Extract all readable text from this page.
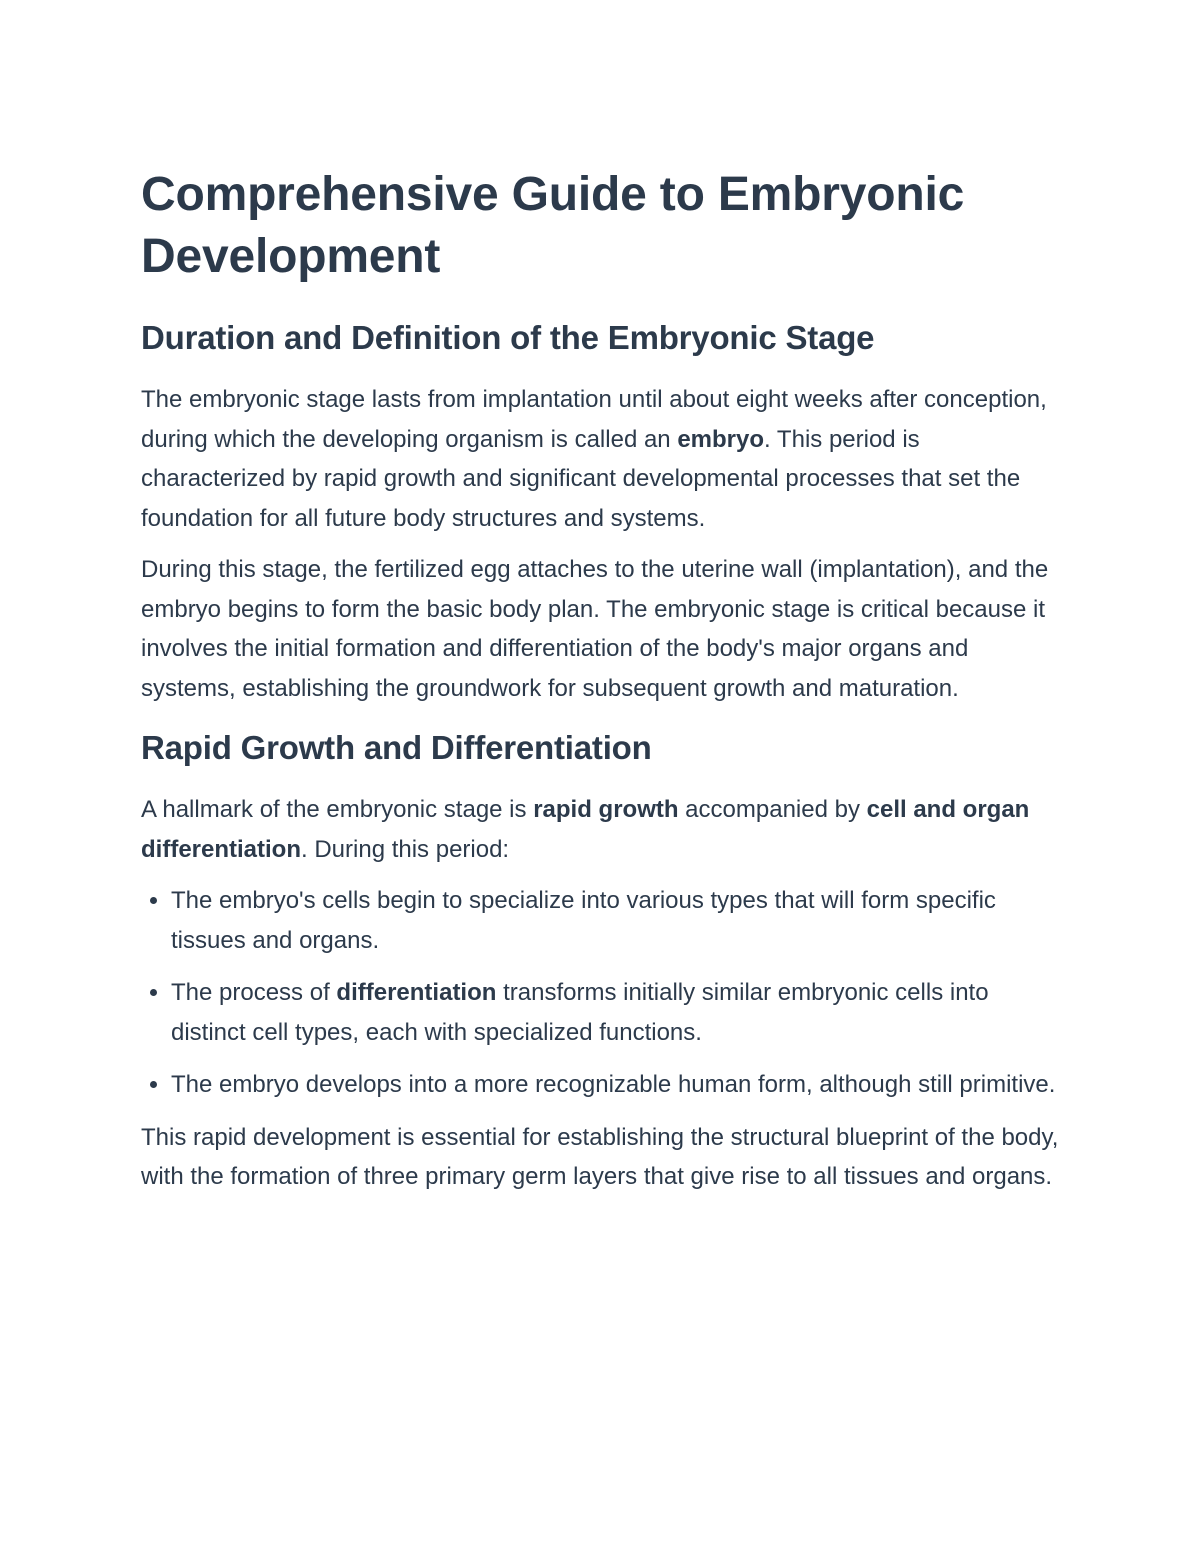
Comprehensive Guide to Embryonic Development
Duration and Definition of the Embryonic Stage

The embryonic stage lasts from implantation until about eight weeks after conception, during which the developing organism is called an embryo. This period is characterized by rapid growth and significant developmental processes that set the foundation for all future body structures and systems.

During this stage, the fertilized egg attaches to the uterine wall (implantation), and the embryo begins to form the basic body plan. The embryonic stage is critical because it involves the initial formation and differentiation of the body's major organs and systems, establishing the groundwork for subsequent growth and maturation.

Rapid Growth and Differentiation

A hallmark of the embryonic stage is rapid growth accompanied by cell and organ differentiation. During this period:

• The embryo's cells begin to specialize into various types that will form specific tissues and organs.
• The process of differentiation transforms initially similar embryonic cells into distinct cell types, each with specialized functions.
• The embryo develops into a more recognizable human form, although still primitive.

This rapid development is essential for establishing the structural blueprint of the body, with the formation of three primary germ layers that give rise to all tissues and organs.
